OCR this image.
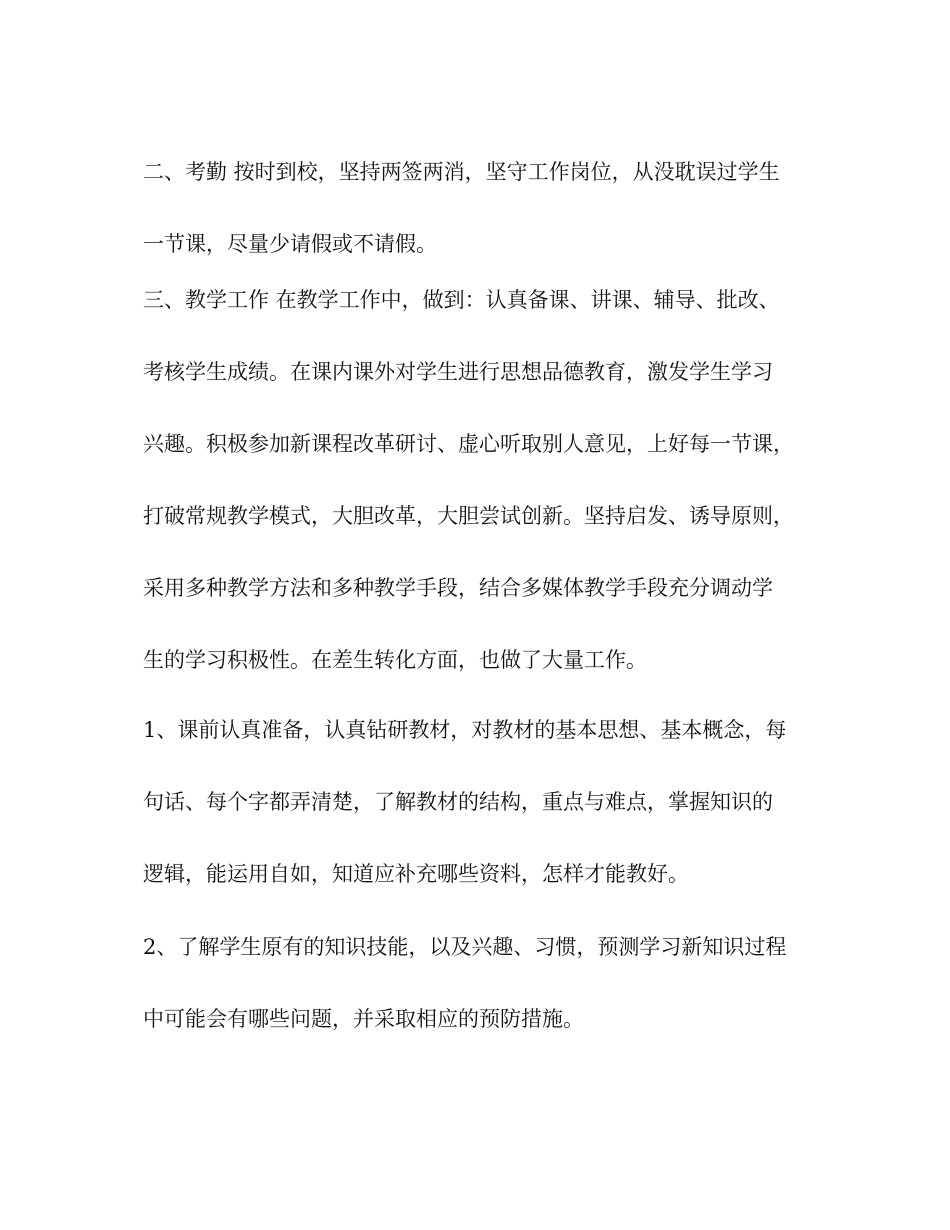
二、考勤 按时到校，坚持两签两消，坚守工作岗位，从没耽误过学生
一节课，尽量少请假或不请假。
三、教学工作 在教学工作中，做到：认真备课、讲课、辅导、批改、
考核学生成绩。在课内课外对学生进行思想品德教育，激发学生学习
兴趣。积极参加新课程改革研讨、虚心听取别人意见，上好每一节课，
打破常规教学模式，大胆改革，大胆尝试创新。坚持启发、诱导原则，
采用多种教学方法和多种教学手段，结合多媒体教学手段充分调动学
生的学习积极性。在差生转化方面，也做了大量工作。
1、课前认真准备，认真钻研教材，对教材的基本思想、基本概念，每
句话、每个字都弄清楚，了解教材的结构，重点与难点，掌握知识的
逻辑，能运用自如，知道应补充哪些资料，怎样才能教好。
2、了解学生原有的知识技能，以及兴趣、习惯，预测学习新知识过程
中可能会有哪些问题，并采取相应的预防措施。
